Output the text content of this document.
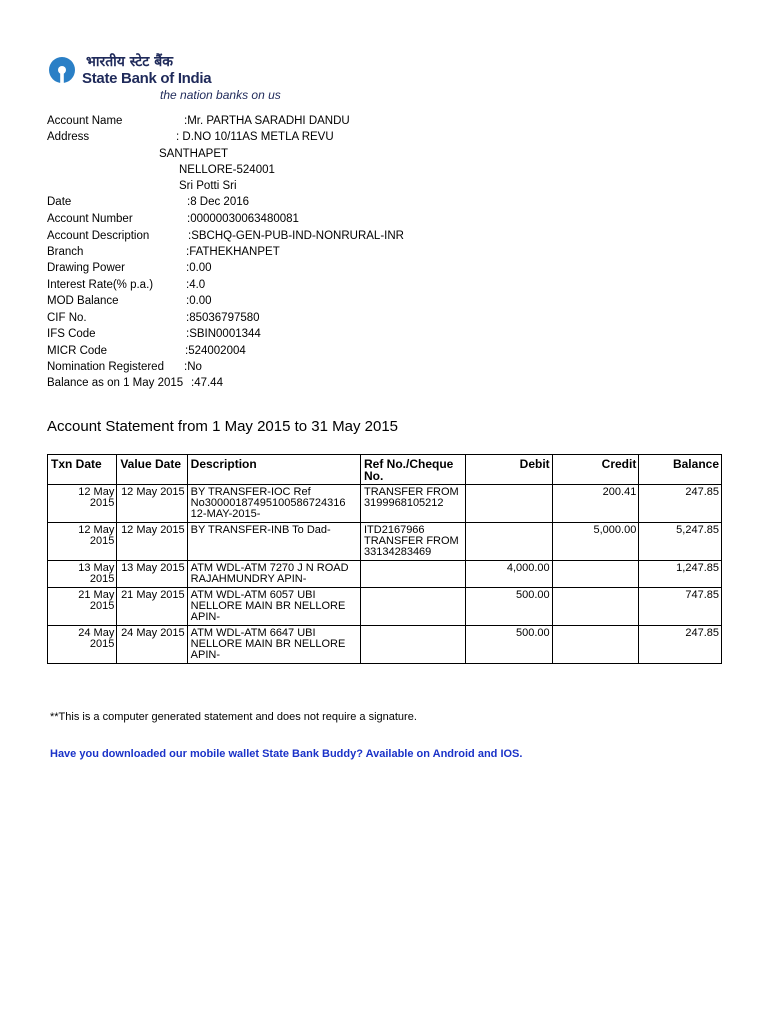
भारतीय स्टेट बैंक
State Bank of India
the nation banks on us
Account Name	:Mr. PARTHA SARADHI DANDU
Address	: D.NO 10/11AS METLA REVU
SANTHAPET
NELLORE-524001
Sri Potti Sri
Date	:8 Dec 2016
Account Number	:00000030063480081
Account Description	:SBCHQ-GEN-PUB-IND-NONRURAL-INR
Branch	:FATHEKHANPET
Drawing Power	:0.00
Interest Rate(% p.a.)	:4.0
MOD Balance	:0.00
CIF No.	:85036797580
IFS Code	:SBIN0001344
MICR Code	:524002004
Nomination Registered :No
Balance as on 1 May 2015 :47.44
Account Statement from 1 May 2015 to 31 May 2015
Txn Date	Value Date	Description	Ref No./Cheque No.	Debit	Credit	Balance
12 May 2015	12 May 2015	BY TRANSFER-IOC Ref No30000187495100586724316 12-MAY-2015-	TRANSFER FROM 3199968105212		200.41	247.85
12 May 2015	12 May 2015	BY TRANSFER-INB To Dad-	ITD2167966 TRANSFER FROM 33134283469		5,000.00	5,247.85
13 May 2015	13 May 2015	ATM WDL-ATM 7270 J N ROAD RAJAHMUNDRY APIN-		4,000.00		1,247.85
21 May 2015	21 May 2015	ATM WDL-ATM 6057 UBI NELLORE MAIN BR NELLORE APIN-		500.00		747.85
24 May 2015	24 May 2015	ATM WDL-ATM 6647 UBI NELLORE MAIN BR NELLORE APIN-		500.00		247.85
**This is a computer generated statement and does not require a signature.
Have you downloaded our mobile wallet State Bank Buddy? Available on Android and IOS.
